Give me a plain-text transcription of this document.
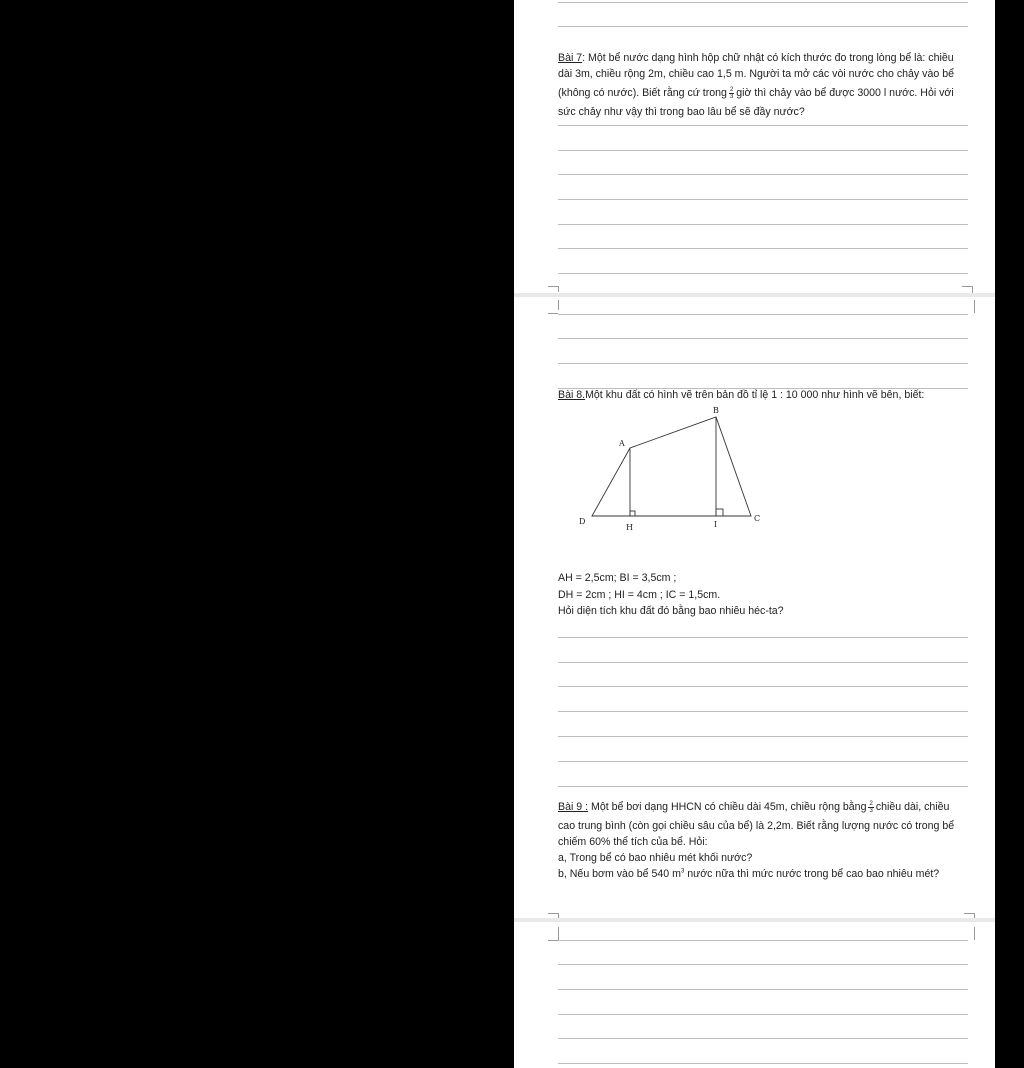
Bài 7: Một bể nước dạng hình hộp chữ nhật có kích thước đo trong lòng bể là: chiều
dài 3m, chiều rộng 2m, chiều cao 1,5 m. Người ta mở các vòi nước cho chảy vào bể
(không có nước). Biết rằng cứ trong $\frac{2}{3}$ giờ thì chảy vào bể được 3000 l nước. Hỏi với
sức chảy như vậy thì trong bao lâu bể sẽ đầy nước?
Bài 8.Một khu đất có hình vẽ trên bản đồ tỉ lệ 1 : 10 000 như hình vẽ bên, biết:
A
B
C
D
H	I
AH = 2,5cm; BI = 3,5cm ;
DH = 2cm ; HI = 4cm ; IC = 1,5cm.
Hỏi diện tích khu đất đó bằng bao nhiêu héc-ta?
Bài 9 : Một bể bơi dạng HHCN có chiều dài 45m, chiều rộng bằng $\frac{2}{3}$ chiều dài, chiều
cao trung bình (còn gọi chiều sâu của bể) là 2,2m. Biết rằng lượng nước có trong bể
chiếm 60% thể tích của bể. Hỏi:
a, Trong bể có bao nhiêu mét khối nước?
b, Nếu bơm vào bể 540 $m^3$ nước nữa thì mức nước trong bể cao bao nhiêu mét?
